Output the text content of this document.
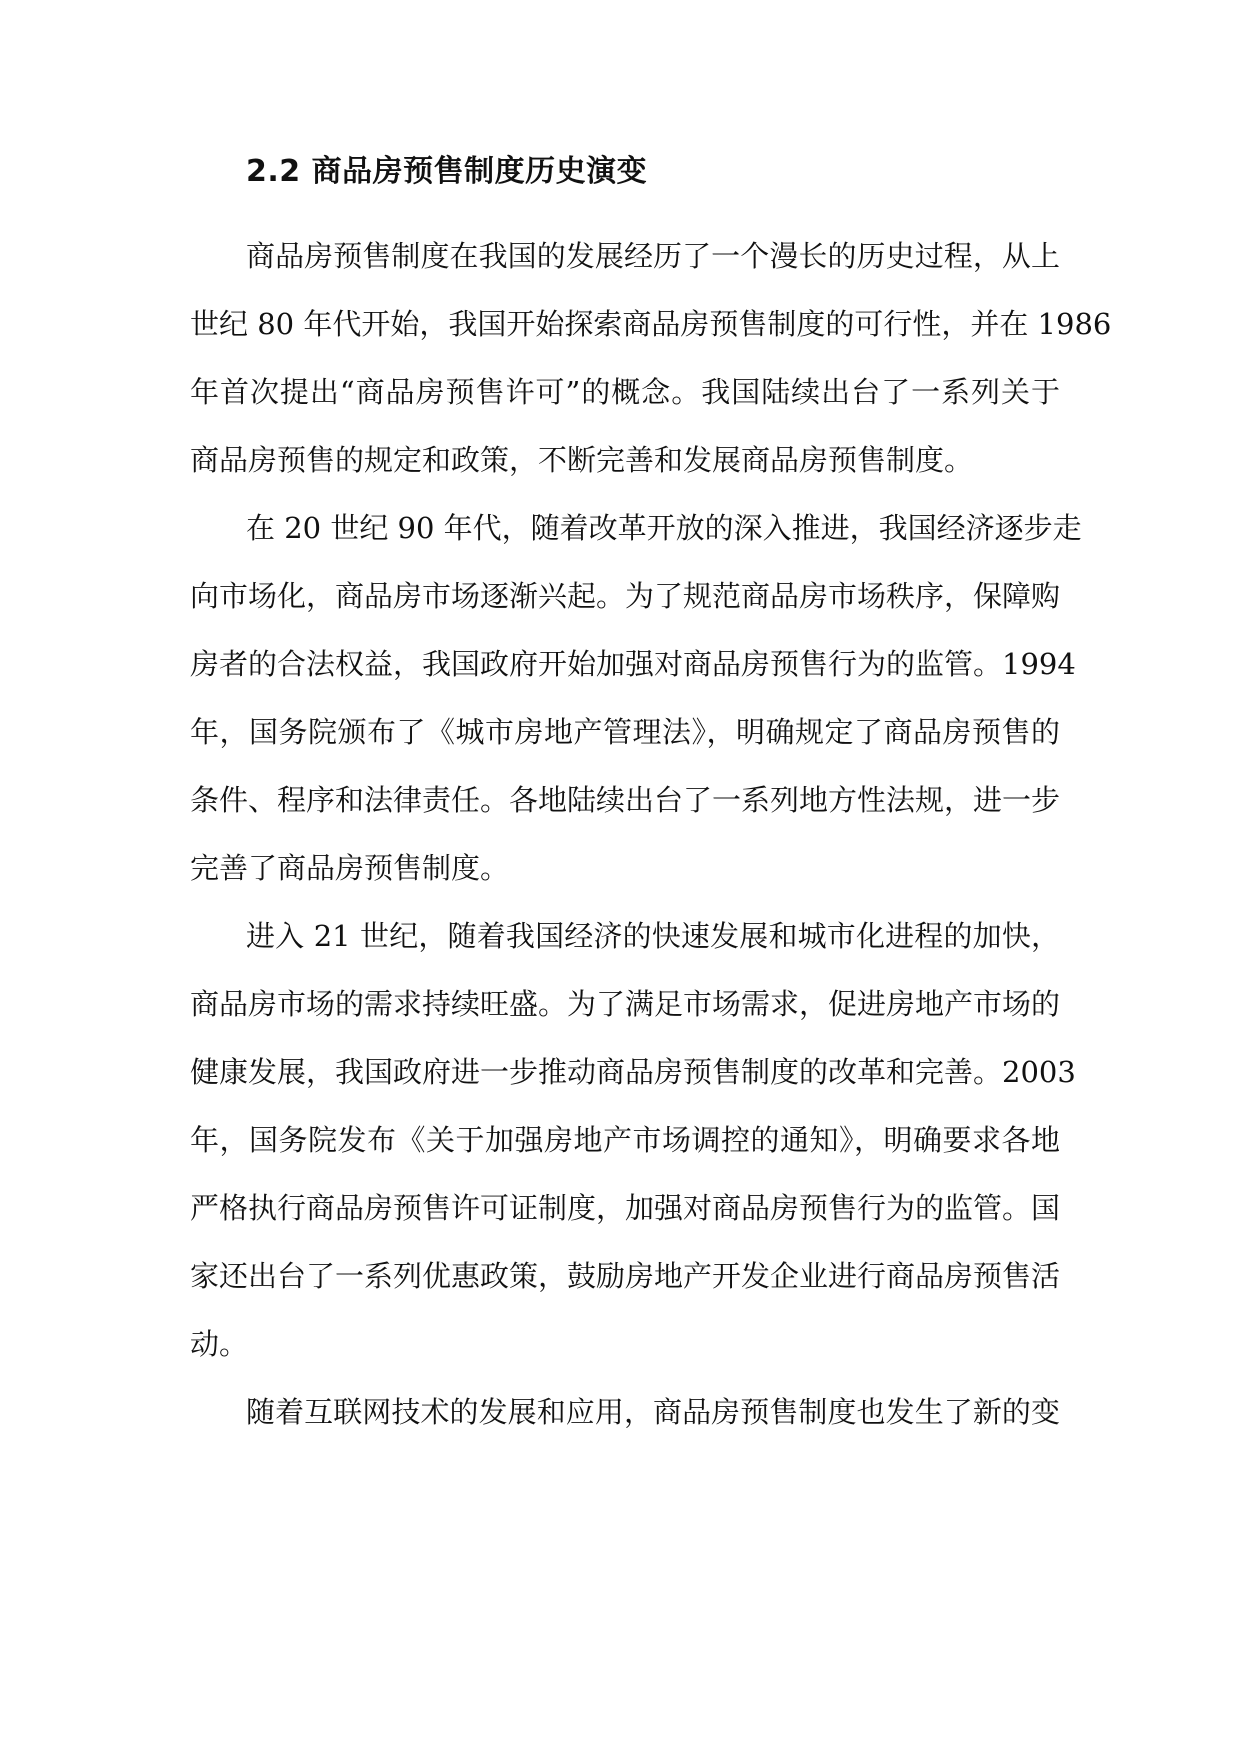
2.2 商品房预售制度历史演变
商品房预售制度在我国的发展经历了一个漫长的历史过程，从上
世纪 80 年代开始，我国开始探索商品房预售制度的可行性，并在 1986
年首次提出“商品房预售许可”的概念。我国陆续出台了一系列关于
商品房预售的规定和政策，不断完善和发展商品房预售制度。
在 20 世纪 90 年代，随着改革开放的深入推进，我国经济逐步走
向市场化，商品房市场逐渐兴起。为了规范商品房市场秩序，保障购
房者的合法权益，我国政府开始加强对商品房预售行为的监管。1994
年，国务院颁布了《城市房地产管理法》，明确规定了商品房预售的
条件、程序和法律责任。各地陆续出台了一系列地方性法规，进一步
完善了商品房预售制度。
进入 21 世纪，随着我国经济的快速发展和城市化进程的加快，
商品房市场的需求持续旺盛。为了满足市场需求，促进房地产市场的
健康发展，我国政府进一步推动商品房预售制度的改革和完善。2003
年，国务院发布《关于加强房地产市场调控的通知》，明确要求各地
严格执行商品房预售许可证制度，加强对商品房预售行为的监管。国
家还出台了一系列优惠政策，鼓励房地产开发企业进行商品房预售活
动。
随着互联网技术的发展和应用，商品房预售制度也发生了新的变
